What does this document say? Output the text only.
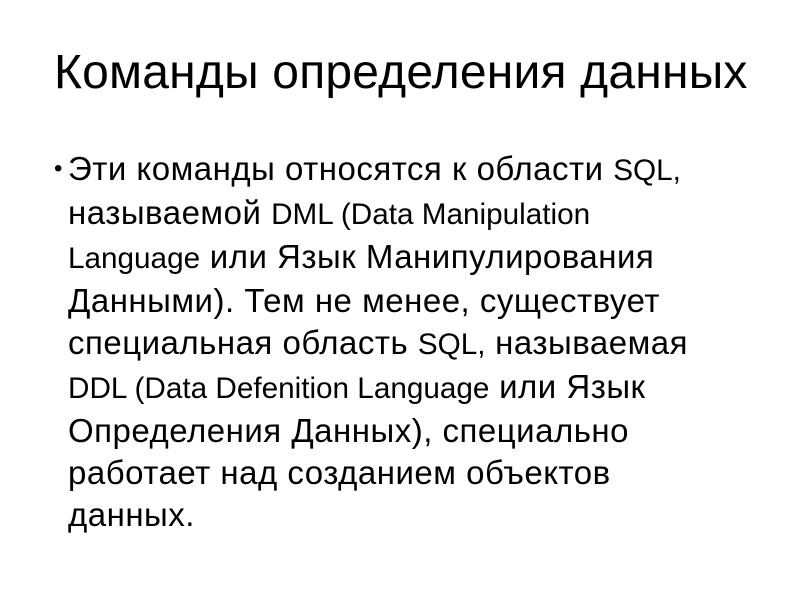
Команды определения данных
• Эти команды относятся к области SQL,
называемой DML (Data Manipulation
Language или Язык Манипулирования
Данными). Тем не менее, существует
специальная область SQL, называемая
DDL (Data Defenition Language или Язык
Определения Данных), специально
работает над созданием объектов
данных.
